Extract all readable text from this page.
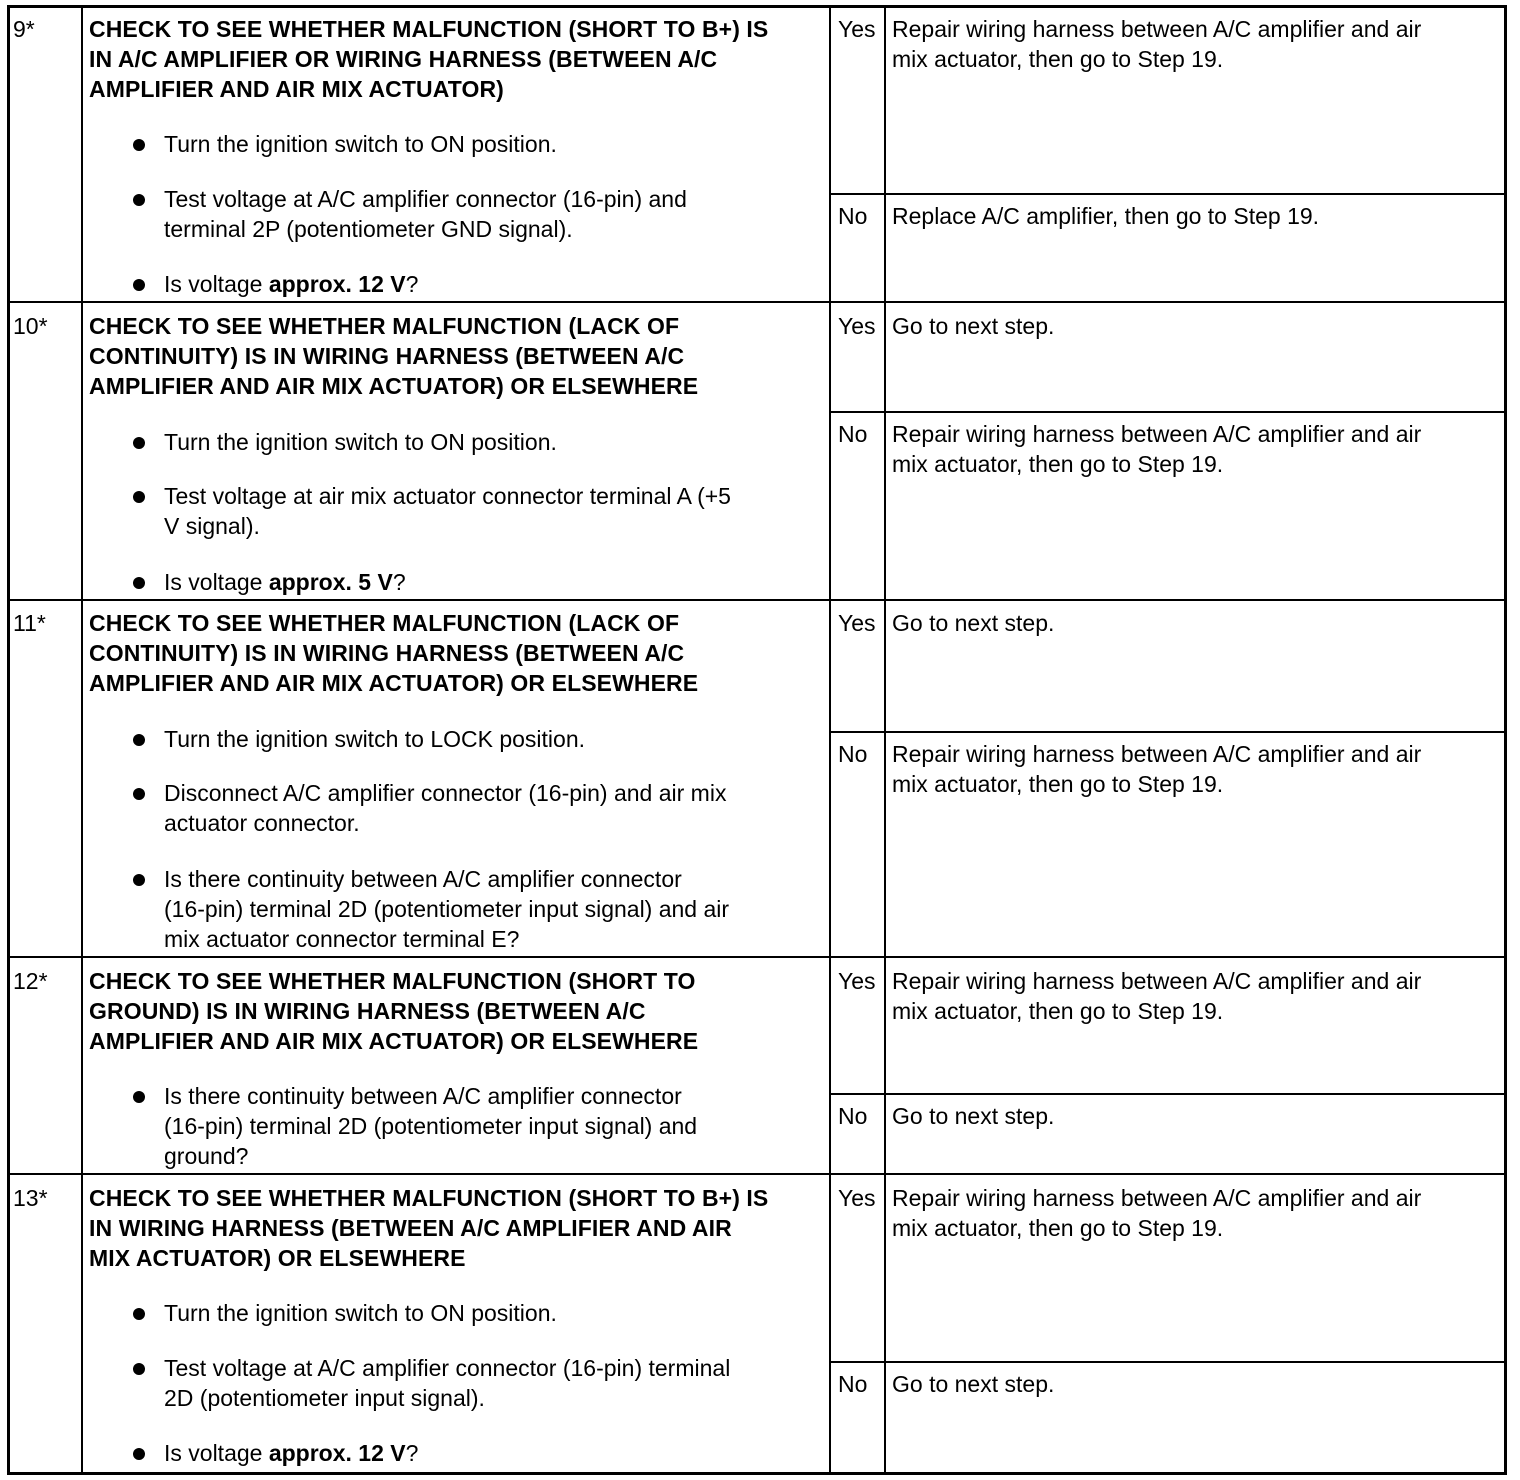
9* CHECK TO SEE WHETHER MALFUNCTION (SHORT TO B+) IS
IN A/C AMPLIFIER OR WIRING HARNESS (BETWEEN A/C
AMPLIFIER AND AIR MIX ACTUATOR)
Turn the ignition switch to ON position.
Test voltage at A/C amplifier connector (16-pin) and
terminal 2P (potentiometer GND signal).
Is voltage approx. 12 V?
Yes Repair wiring harness between A/C amplifier and air
mix actuator, then go to Step 19.
No Replace A/C amplifier, then go to Step 19.
10* CHECK TO SEE WHETHER MALFUNCTION (LACK OF
CONTINUITY) IS IN WIRING HARNESS (BETWEEN A/C
AMPLIFIER AND AIR MIX ACTUATOR) OR ELSEWHERE
Turn the ignition switch to ON position.
Test voltage at air mix actuator connector terminal A (+5
V signal).
Is voltage approx. 5 V?
Yes Go to next step.
No Repair wiring harness between A/C amplifier and air
mix actuator, then go to Step 19.
11* CHECK TO SEE WHETHER MALFUNCTION (LACK OF
CONTINUITY) IS IN WIRING HARNESS (BETWEEN A/C
AMPLIFIER AND AIR MIX ACTUATOR) OR ELSEWHERE
Turn the ignition switch to LOCK position.
Disconnect A/C amplifier connector (16-pin) and air mix
actuator connector.
Is there continuity between A/C amplifier connector
(16-pin) terminal 2D (potentiometer input signal) and air
mix actuator connector terminal E?
Yes Go to next step.
No Repair wiring harness between A/C amplifier and air
mix actuator, then go to Step 19.
12* CHECK TO SEE WHETHER MALFUNCTION (SHORT TO
GROUND) IS IN WIRING HARNESS (BETWEEN A/C
AMPLIFIER AND AIR MIX ACTUATOR) OR ELSEWHERE
Is there continuity between A/C amplifier connector
(16-pin) terminal 2D (potentiometer input signal) and
ground?
Yes Repair wiring harness between A/C amplifier and air
mix actuator, then go to Step 19.
No Go to next step.
13* CHECK TO SEE WHETHER MALFUNCTION (SHORT TO B+) IS
IN WIRING HARNESS (BETWEEN A/C AMPLIFIER AND AIR
MIX ACTUATOR) OR ELSEWHERE
Turn the ignition switch to ON position.
Test voltage at A/C amplifier connector (16-pin) terminal
2D (potentiometer input signal).
Is voltage approx. 12 V?
Yes Repair wiring harness between A/C amplifier and air
mix actuator, then go to Step 19.
No Go to next step.
